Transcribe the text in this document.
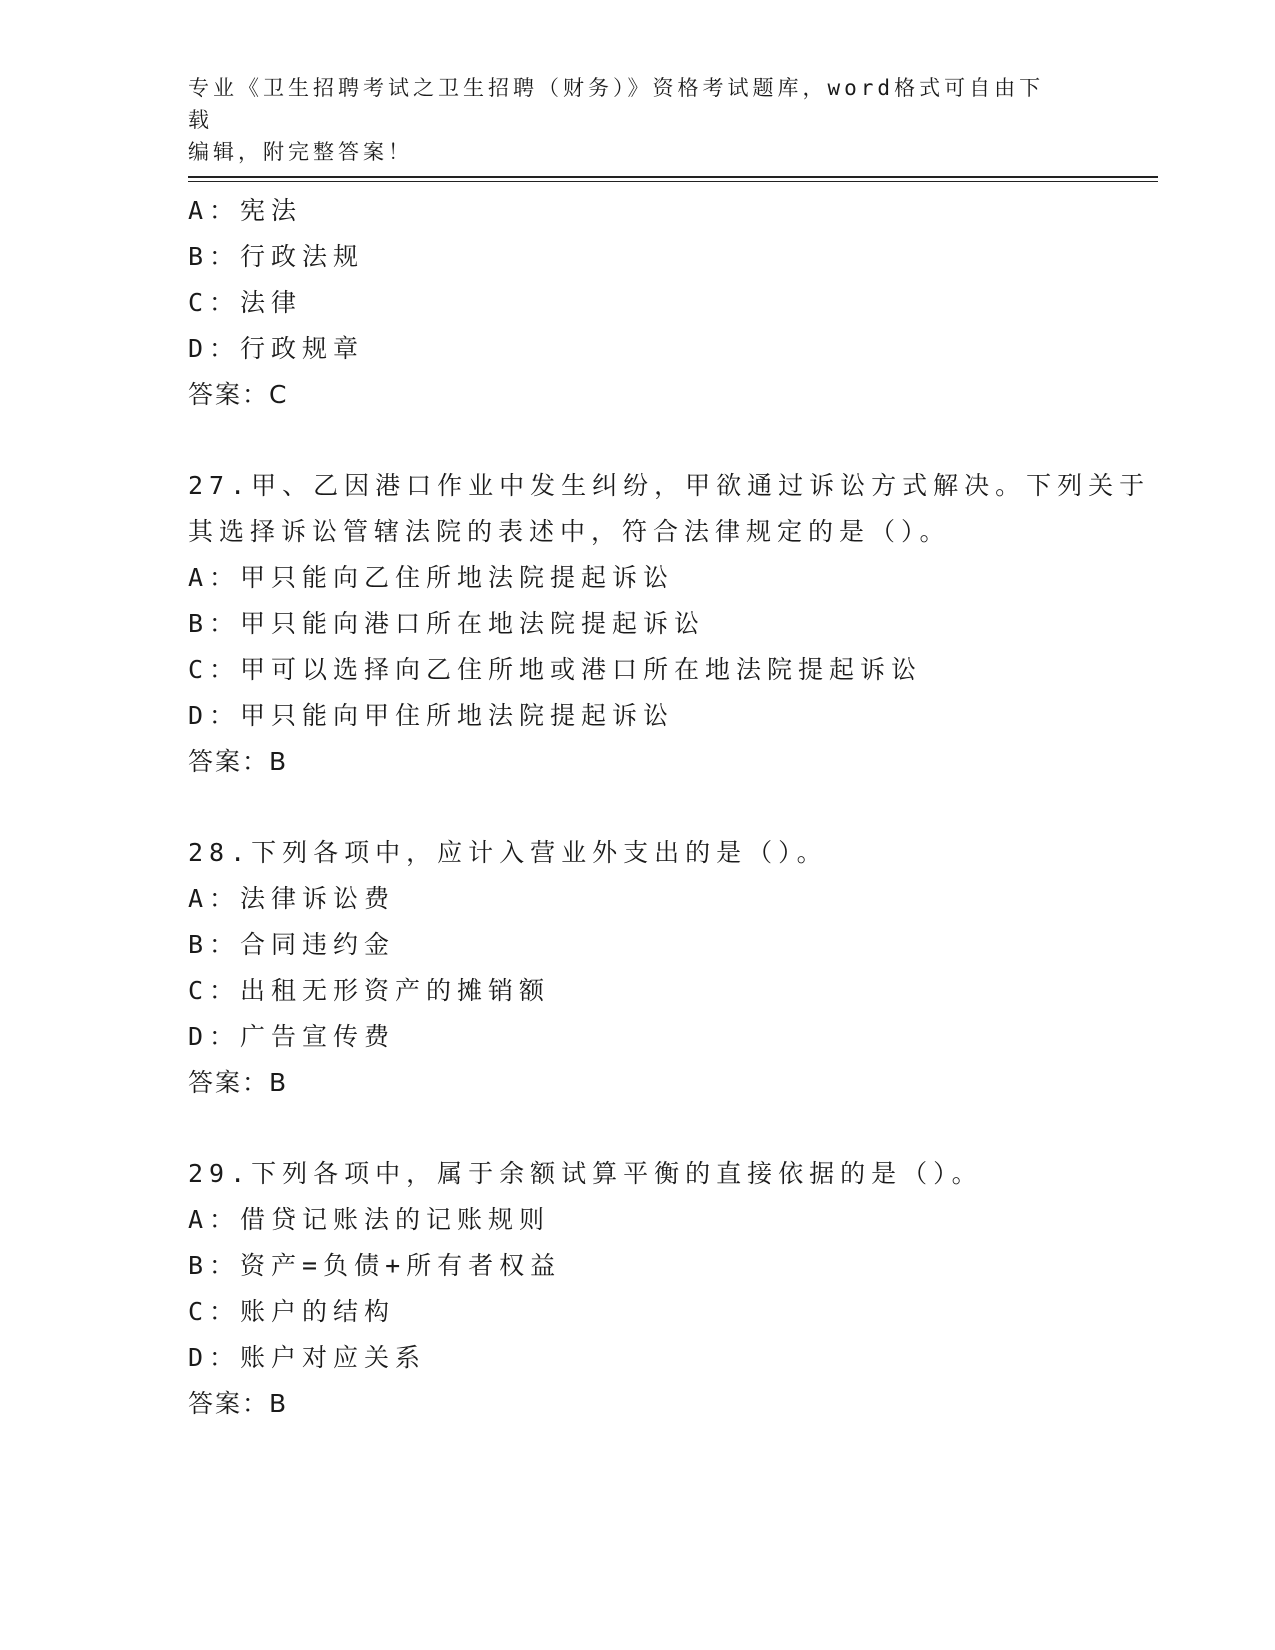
专业《卫生招聘考试之卫生招聘（财务）》资格考试题库，word格式可自由下载
编辑，附完整答案！
A：宪法
B：行政法规
C：法律
D：行政规章
答案：C
27.甲、乙因港口作业中发生纠纷，甲欲通过诉讼方式解决。下列关于
其选择诉讼管辖法院的表述中，符合法律规定的是（）。
A：甲只能向乙住所地法院提起诉讼
B：甲只能向港口所在地法院提起诉讼
C：甲可以选择向乙住所地或港口所在地法院提起诉讼
D：甲只能向甲住所地法院提起诉讼
答案：B
28.下列各项中，应计入营业外支出的是（）。
A：法律诉讼费
B：合同违约金
C：出租无形资产的摊销额
D：广告宣传费
答案：B
29.下列各项中，属于余额试算平衡的直接依据的是（）。
A：借贷记账法的记账规则
B：资产=负债+所有者权益
C：账户的结构
D：账户对应关系
答案：B
